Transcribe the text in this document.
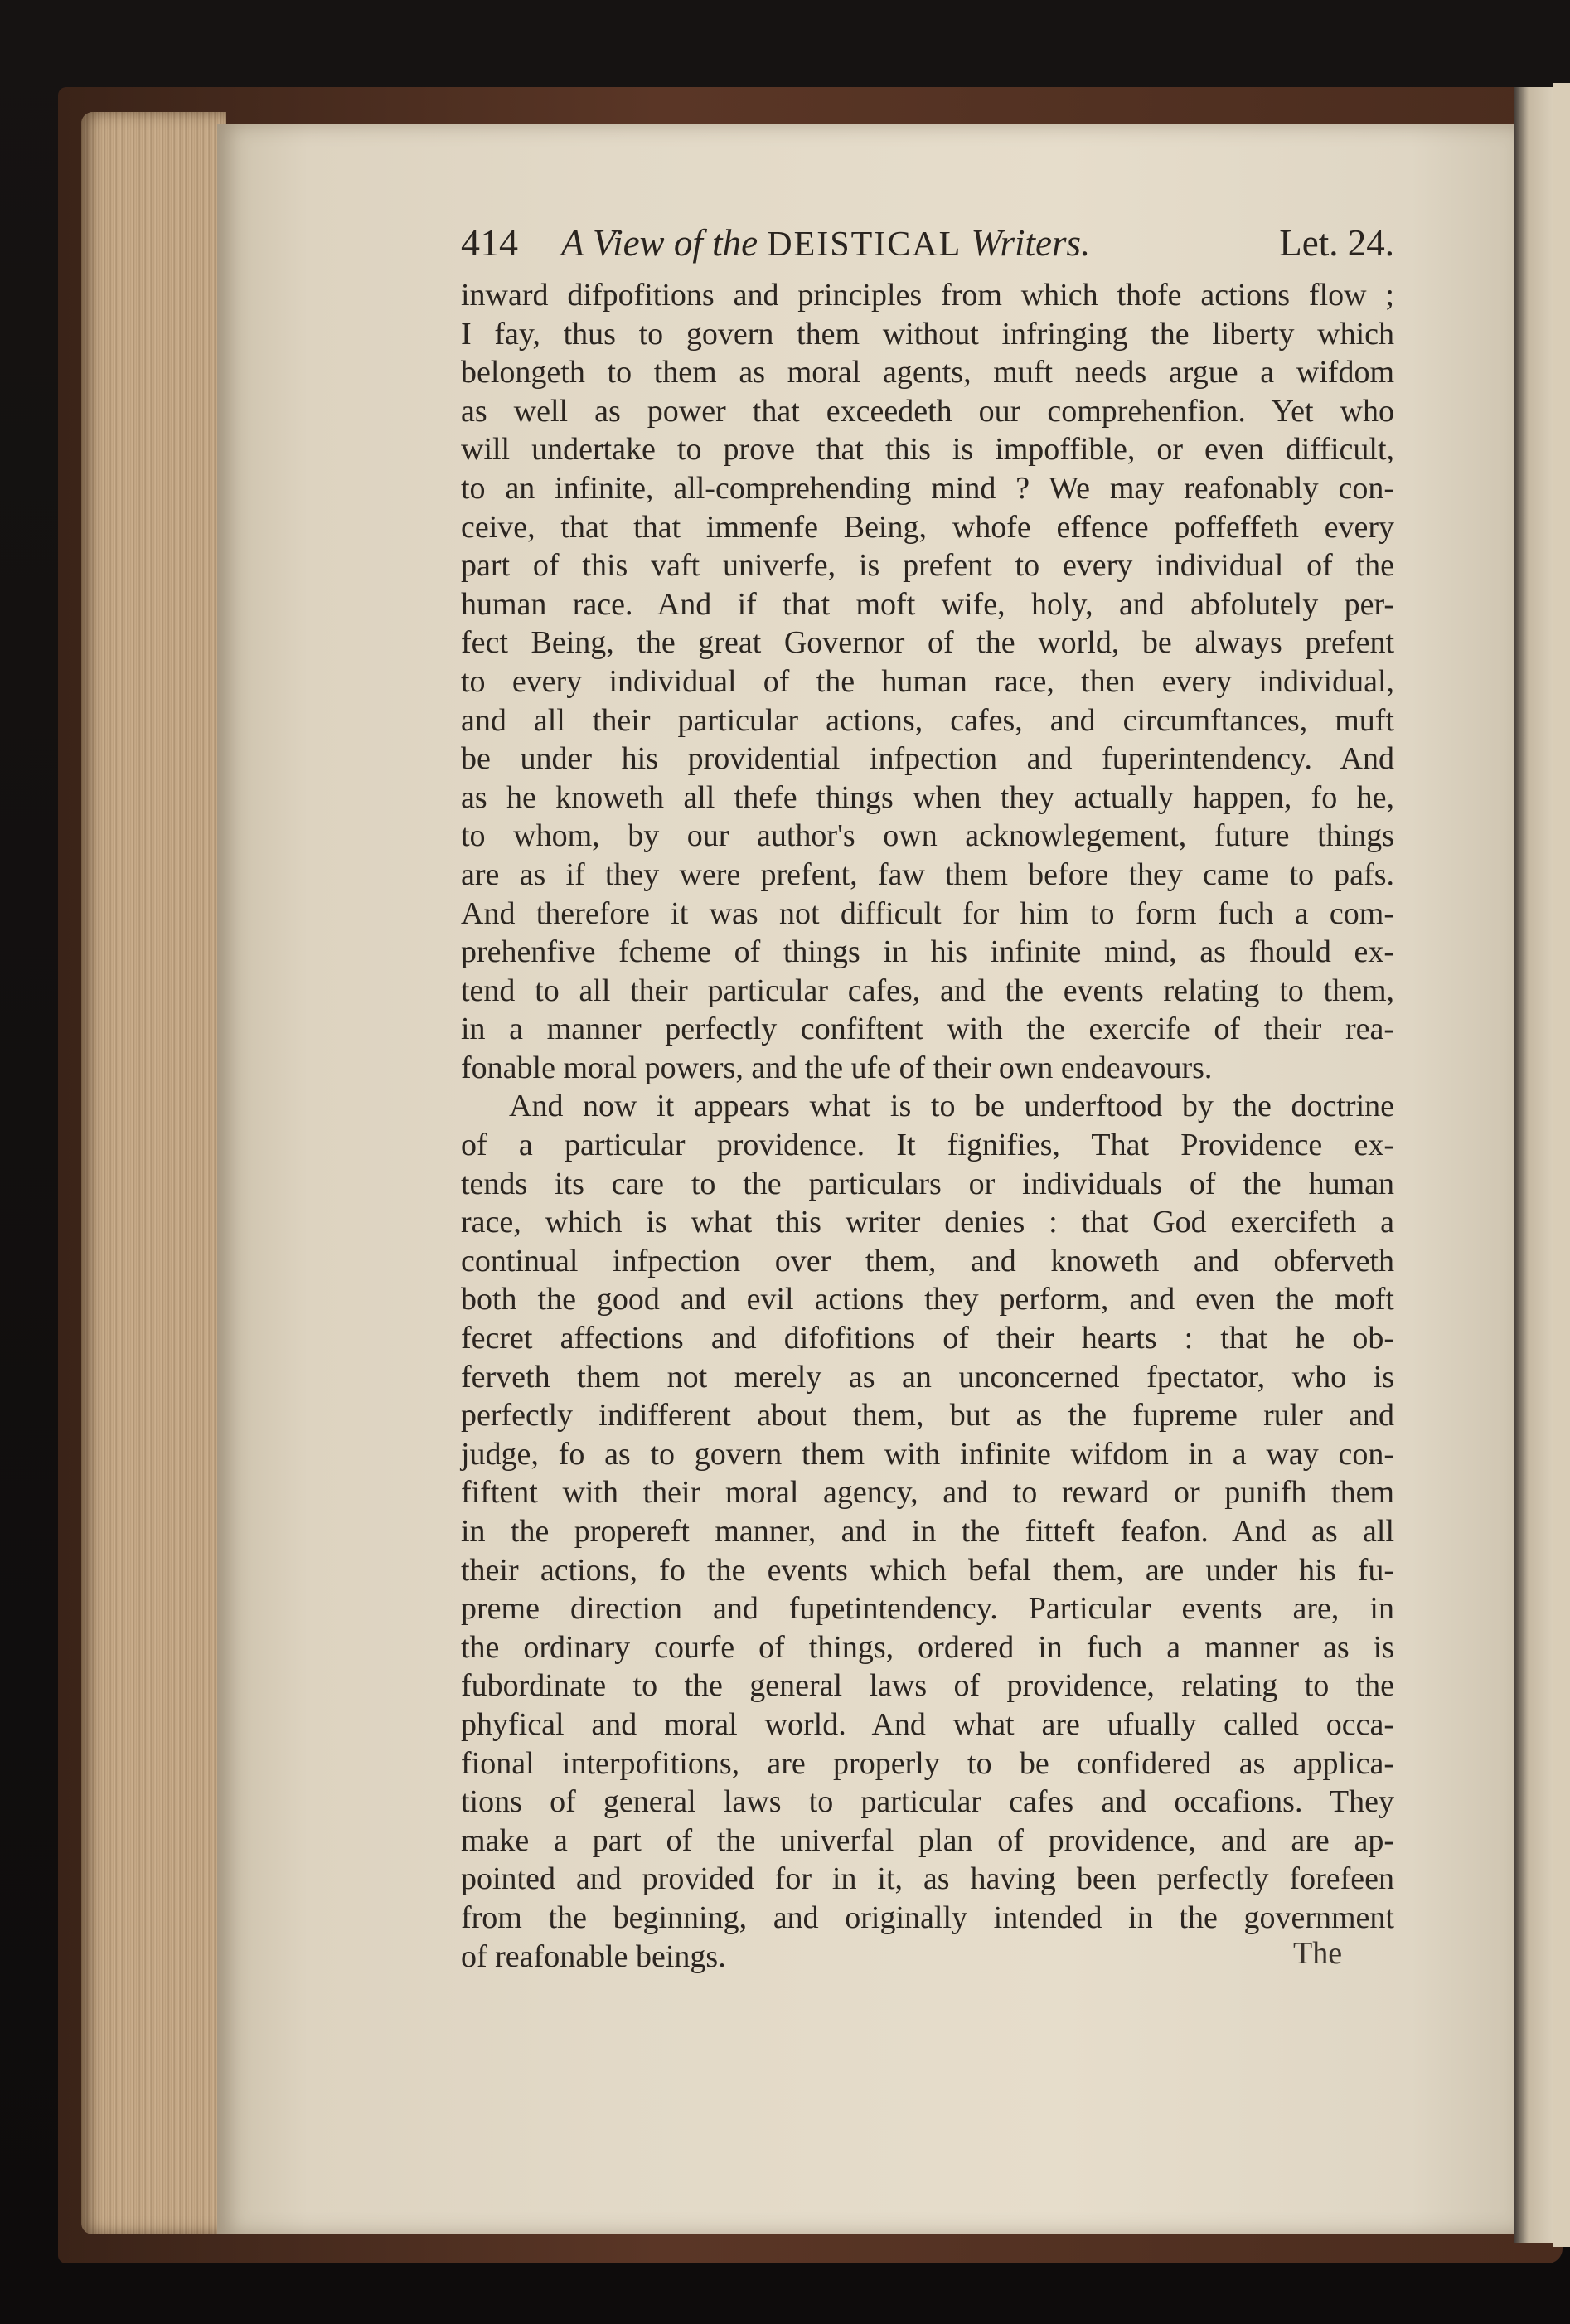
414 A View of the DEISTICAL Writers.	Let. 24.
inward difpofitions and principles from which thofe actions flow ;
I fay, thus to govern them without infringing the liberty which
belongeth to them as moral agents, muft needs argue a wifdom
as well as power that exceedeth our comprehenfion. Yet who
will undertake to prove that this is impoffible, or even difficult,
to an infinite, all-comprehending mind ? We may reafonably con-
ceive, that that immenfe Being, whofe effence poffeffeth every
part of this vaft univerfe, is prefent to every individual of the
human race. And if that moft wife, holy, and abfolutely per-
fect Being, the great Governor of the world, be always prefent
to every individual of the human race, then every individual,
and all their particular actions, cafes, and circumftances, muft
be under his providential infpection and fuperintendency. And
as he knoweth all thefe things when they actually happen, fo he,
to whom, by our author's own acknowlegement, future things
are as if they were prefent, faw them before they came to pafs.
And therefore it was not difficult for him to form fuch a com-
prehenfive fcheme of things in his infinite mind, as fhould ex-
tend to all their particular cafes, and the events relating to them,
in a manner perfectly confiftent with the exercife of their rea-
fonable moral powers, and the ufe of their own endeavours.
And now it appears what is to be underftood by the doctrine
of a particular providence. It fignifies, That Providence ex-
tends its care to the particulars or individuals of the human
race, which is what this writer denies : that God exercifeth a
continual infpection over them, and knoweth and obferveth
both the good and evil actions they perform, and even the moft
fecret affections and difofitions of their hearts : that he ob-
ferveth them not merely as an unconcerned fpectator, who is
perfectly indifferent about them, but as the fupreme ruler and
judge, fo as to govern them with infinite wifdom in a way con-
fiftent with their moral agency, and to reward or punifh them
in the propereft manner, and in the fitteft feafon. And as all
their actions, fo the events which befal them, are under his fu-
preme direction and fupetintendency. Particular events are, in
the ordinary courfe of things, ordered in fuch a manner as is
fubordinate to the general laws of providence, relating to the
phyfical and moral world. And what are ufually called occa-
fional interpofitions, are properly to be confidered as applica-
tions of general laws to particular cafes and occafions. They
make a part of the univerfal plan of providence, and are ap-
pointed and provided for in it, as having been perfectly forefeen
from the beginning, and originally intended in the government
of reafonable beings.	The
